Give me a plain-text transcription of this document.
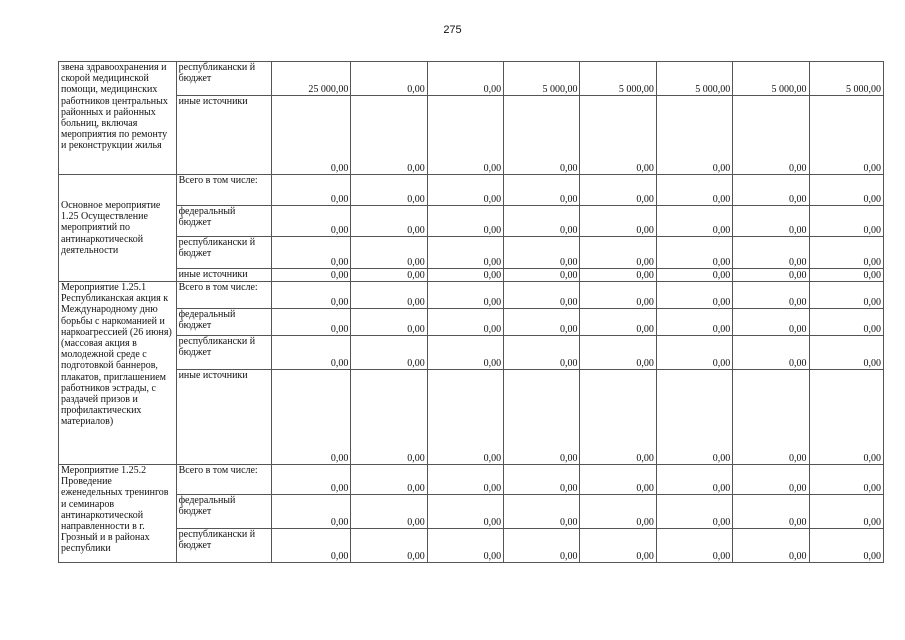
275
звена здравоохранения и скорой медицинской помощи, медицинских работников центральных районных и районных больниц, включая мероприятия по ремонту и реконструкции жилья	республикански й бюджет	25 000,00	0,00	0,00	5 000,00	5 000,00	5 000,00	5 000,00	5 000,00
	иные источники	0,00	0,00	0,00	0,00	0,00	0,00	0,00	0,00
Основное мероприятие 1.25 Осуществление мероприятий по антинаркотической деятельности	Всего в том числе:	0,00	0,00	0,00	0,00	0,00	0,00	0,00	0,00
	федеральный бюджет	0,00	0,00	0,00	0,00	0,00	0,00	0,00	0,00
	республикански й бюджет	0,00	0,00	0,00	0,00	0,00	0,00	0,00	0,00
	иные источники	0,00	0,00	0,00	0,00	0,00	0,00	0,00	0,00
Мероприятие 1.25.1 Республиканская акция к Международному дню борьбы с наркоманией и наркоагрессией (26 июня) (массовая акция в молодежной среде с подготовкой баннеров, плакатов, приглашением работников эстрады, с раздачей призов и профилактических материалов)	Всего в том числе:	0,00	0,00	0,00	0,00	0,00	0,00	0,00	0,00
	федеральный бюджет	0,00	0,00	0,00	0,00	0,00	0,00	0,00	0,00
	республикански й бюджет	0,00	0,00	0,00	0,00	0,00	0,00	0,00	0,00
	иные источники	0,00	0,00	0,00	0,00	0,00	0,00	0,00	0,00
Мероприятие 1.25.2 Проведение еженедельных тренингов и семинаров антинаркотической направленности в г. Грозный и в районах республики	Всего в том числе:	0,00	0,00	0,00	0,00	0,00	0,00	0,00	0,00
	федеральный бюджет	0,00	0,00	0,00	0,00	0,00	0,00	0,00	0,00
	республикански й бюджет	0,00	0,00	0,00	0,00	0,00	0,00	0,00	0,00
